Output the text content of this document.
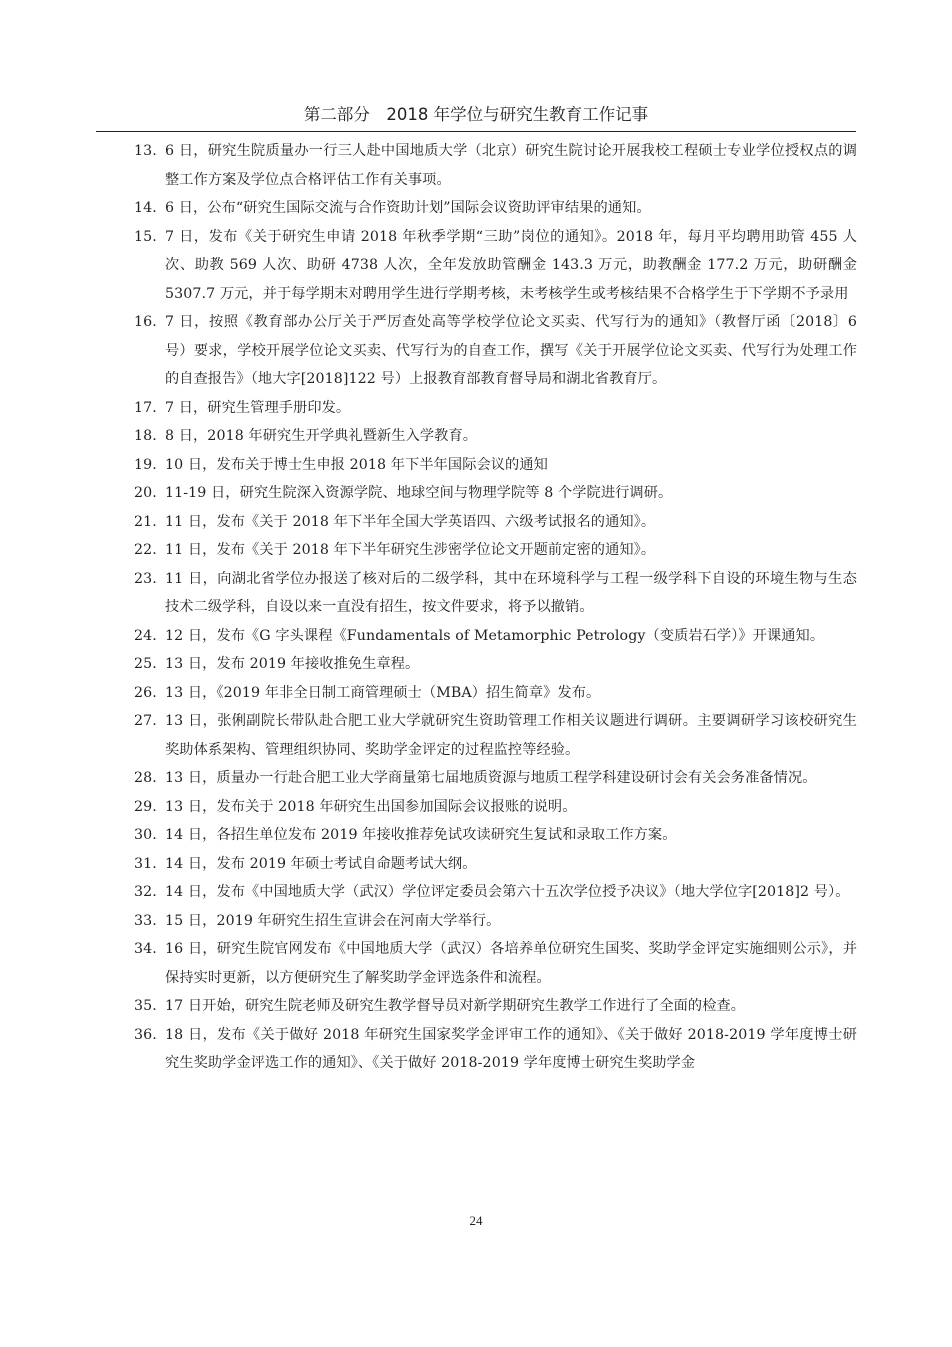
第二部分　2018 年学位与研究生教育工作记事
13. 6 日，研究生院质量办一行三人赴中国地质大学（北京）研究生院讨论开展我校工程硕士专业学位授权点的调整工作方案及学位点合格评估工作有关事项。
14. 6 日，公布“研究生国际交流与合作资助计划”国际会议资助评审结果的通知。
15. 7 日，发布《关于研究生申请 2018 年秋季学期“三助”岗位的通知》。2018 年，每月平均聘用助管 455 人次、助教 569 人次、助研 4738 人次，全年发放助管酬金 143.3 万元，助教酬金 177.2 万元，助研酬金 5307.7 万元，并于每学期末对聘用学生进行学期考核，未考核学生或考核结果不合格学生于下学期不予录用
16. 7 日，按照《教育部办公厅关于严厉查处高等学校学位论文买卖、代写行为的通知》（教督厅函〔2018〕6 号）要求，学校开展学位论文买卖、代写行为的自查工作，撰写《关于开展学位论文买卖、代写行为处理工作的自查报告》（地大字[2018]122 号）上报教育部教育督导局和湖北省教育厅。
17. 7 日，研究生管理手册印发。
18. 8 日，2018 年研究生开学典礼暨新生入学教育。
19. 10 日，发布关于博士生申报 2018 年下半年国际会议的通知
20. 11-19 日，研究生院深入资源学院、地球空间与物理学院等 8 个学院进行调研。
21. 11 日，发布《关于 2018 年下半年全国大学英语四、六级考试报名的通知》。
22. 11 日，发布《关于 2018 年下半年研究生涉密学位论文开题前定密的通知》。
23. 11 日，向湖北省学位办报送了核对后的二级学科，其中在环境科学与工程一级学科下自设的环境生物与生态技术二级学科，自设以来一直没有招生，按文件要求，将予以撤销。
24. 12 日，发布《G 字头课程《Fundamentals of Metamorphic Petrology（变质岩石学）》开课通知。
25. 13 日，发布 2019 年接收推免生章程。
26. 13 日，《2019 年非全日制工商管理硕士（MBA）招生简章》发布。
27. 13 日，张俐副院长带队赴合肥工业大学就研究生资助管理工作相关议题进行调研。主要调研学习该校研究生奖助体系架构、管理组织协同、奖助学金评定的过程监控等经验。
28. 13 日，质量办一行赴合肥工业大学商量第七届地质资源与地质工程学科建设研讨会有关会务准备情况。
29. 13 日，发布关于 2018 年研究生出国参加国际会议报账的说明。
30. 14 日，各招生单位发布 2019 年接收推荐免试攻读研究生复试和录取工作方案。
31. 14 日，发布 2019 年硕士考试自命题考试大纲。
32. 14 日，发布《中国地质大学（武汉）学位评定委员会第六十五次学位授予决议》（地大学位字[2018]2 号）。
33. 15 日，2019 年研究生招生宣讲会在河南大学举行。
34. 16 日，研究生院官网发布《中国地质大学（武汉）各培养单位研究生国奖、奖助学金评定实施细则公示》，并保持实时更新，以方便研究生了解奖助学金评选条件和流程。
35. 17 日开始，研究生院老师及研究生教学督导员对新学期研究生教学工作进行了全面的检查。
36. 18 日，发布《关于做好 2018 年研究生国家奖学金评审工作的通知》、《关于做好 2018-2019 学年度博士研究生奖助学金评选工作的通知》、《关于做好 2018-2019 学年度博士研究生奖助学金
24
